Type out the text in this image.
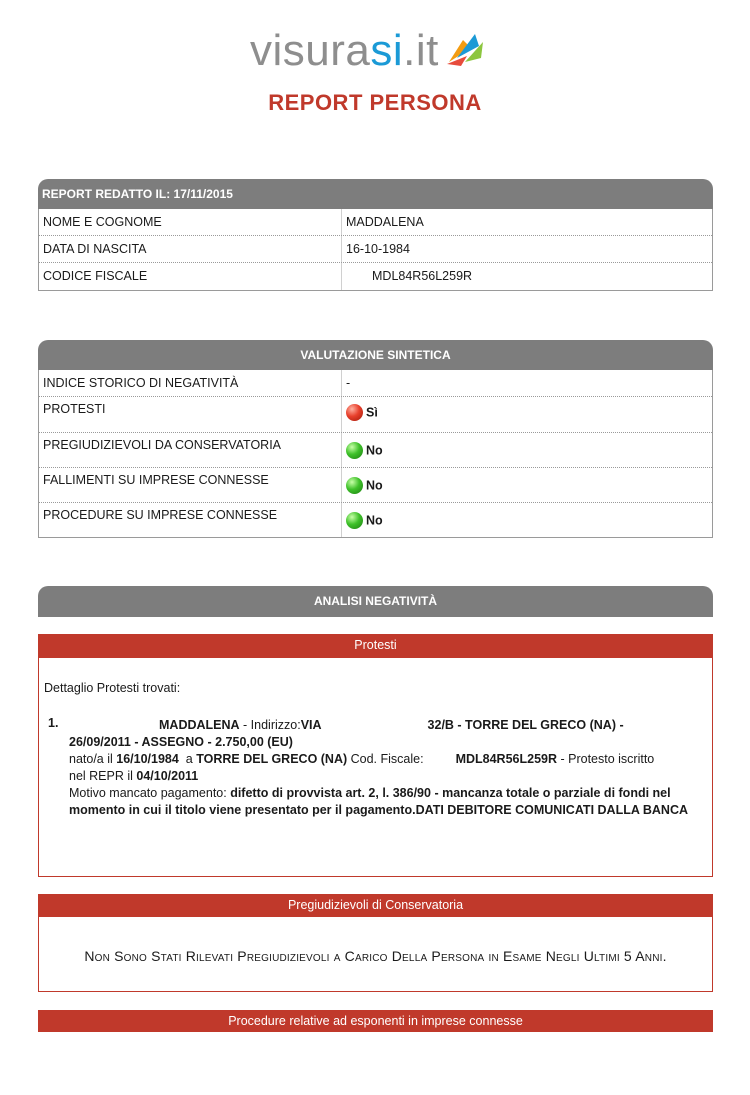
visurasi.it
REPORT PERSONA
REPORT REDATTO IL: 17/11/2015
NOME E COGNOME	MADDALENA
DATA DI NASCITA	16-10-1984
CODICE FISCALE	MDL84R56L259R
VALUTAZIONE SINTETICA
INDICE STORICO DI NEGATIVITÀ	-
PROTESTI	Sì
PREGIUDIZIEVOLI DA CONSERVATORIA	No
FALLIMENTI SU IMPRESE CONNESSE	No
PROCEDURE SU IMPRESE CONNESSE	No
ANALISI NEGATIVITÀ
Protesti
Dettaglio Protesti trovati:
1.	MADDALENA - Indirizzo:VIA	32/B - TORRE DEL GRECO (NA) -
26/09/2011 - ASSEGNO - 2.750,00 (EU)
nato/a il 16/10/1984 a TORRE DEL GRECO (NA) Cod. Fiscale:	MDL84R56L259R - Protesto iscritto
nel REPR il 04/10/2011
Motivo mancato pagamento: difetto di provvista art. 2, l. 386/90 - mancanza totale o parziale di fondi nel momento in cui il titolo viene presentato per il pagamento.DATI DEBITORE COMUNICATI DALLA BANCA
Pregiudizievoli di Conservatoria
Non Sono Stati Rilevati Pregiudizievoli a Carico Della Persona in Esame Negli Ultimi 5 Anni.
Procedure relative ad esponenti in imprese connesse
